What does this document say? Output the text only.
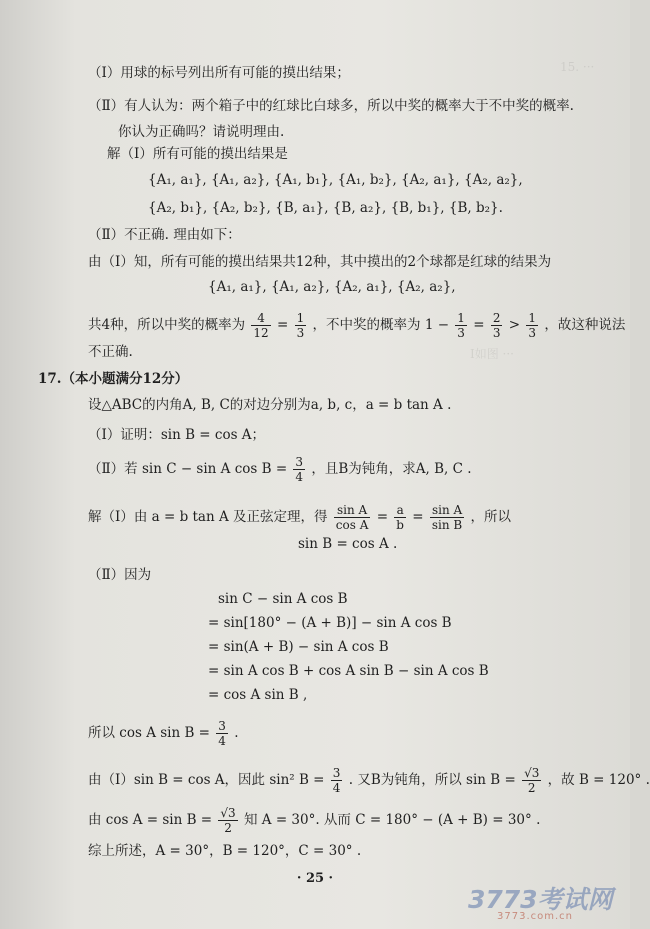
15. ···
Ⅰ如图 ···
（Ⅰ）用球的标号列出所有可能的摸出结果；
（Ⅱ）有人认为：两个箱子中的红球比白球多，所以中奖的概率大于不中奖的概率.
你认为正确吗？请说明理由.
解（Ⅰ）所有可能的摸出结果是
{A₁, a₁}, {A₁, a₂}, {A₁, b₁}, {A₁, b₂}, {A₂, a₁}, {A₂, a₂},
{A₂, b₁}, {A₂, b₂}, {B, a₁}, {B, a₂}, {B, b₁}, {B, b₂}.
（Ⅱ）不正确. 理由如下：
由（Ⅰ）知，所有可能的摸出结果共12种，其中摸出的2个球都是红球的结果为
{A₁, a₁}, {A₁, a₂}, {A₂, a₁}, {A₂, a₂},
共4种，所以中奖的概率为 $\frac{4}{12} = \frac{1}{3}$ ，不中奖的概率为 $1 - \frac{1}{3} = \frac{2}{3} > \frac{1}{3}$ ，故这种说法
不正确.
17.（本小题满分12分）
设△ABC的内角A, B, C的对边分别为a, b, c，a = b tan A .
（Ⅰ）证明：sin B = cos A；
（Ⅱ）若 sin C − sin A $\cos B = \frac{3}{4}$ ，且B为钝角，求A, B, C .
解（Ⅰ）由 a = b tan A 及正弦定理，得 $\frac{\text{sin A}}{\text{cos A}} = \frac{a}{b} = \frac{\text{sin A}}{\text{sin B}}$ ，所以
sin B = cos A .
（Ⅱ）因为
sin C − sin A cos B
= sin[180° − (A + B)] − sin A cos B
= sin(A + B) − sin A cos B
= sin A cos B + cos A sin B − sin A cos B
= cos A sin B ,
所以 cos A $\sin B = \frac{3}{4}$ .
由（Ⅰ）sin B = cos A，因此 sin² $B = \frac{3}{4}$ . 又B为钝角，所以 $\sin B = \frac{√3}{2}$ ，故 B = 120° .
由 $\cos A = \sin B = \frac{√3}{2}$ 知 A = 30°. 从而 C = 180° − (A + B) = 30° .
综上所述，A = 30°，B = 120°，C = 30° .
· 25 ·
3773考试网
3773.com.cn
